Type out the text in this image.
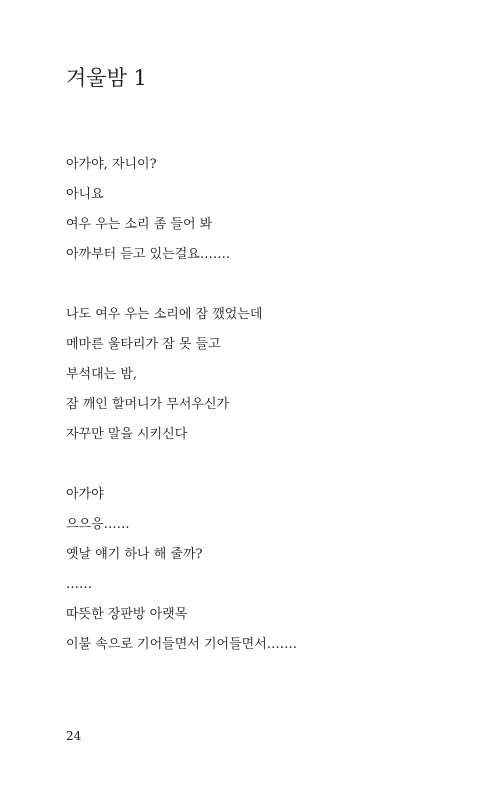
겨울밤 1
아가야, 자니이?
아니요
여우 우는 소리 좀 들어 봐
아까부터 듣고 있는걸요…….
나도 여우 우는 소리에 잠 깼었는데
메마른 울타리가 잠 못 들고
부석대는 밤,
잠 깨인 할머니가 무서우신가
자꾸만 말을 시키신다
아가야
으으응……
옛날 얘기 하나 해 줄까?
……
따뜻한 장판방 아랫목
이불 속으로 기어들면서 기어들면서…….
24
